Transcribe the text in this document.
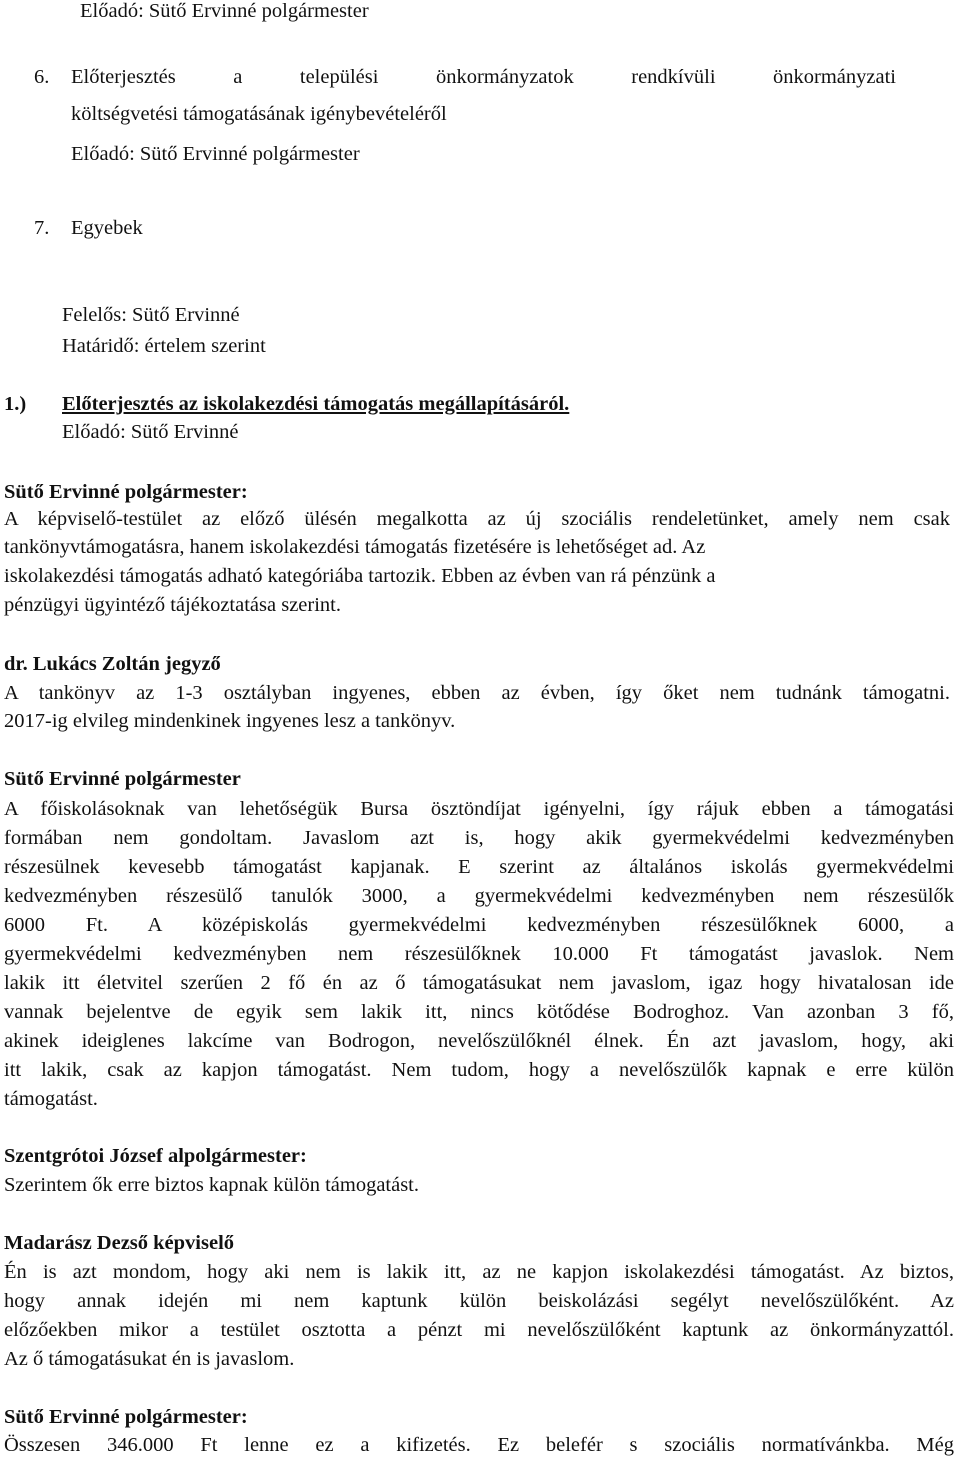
Előadó: Sütő Ervinné polgármester
6. Előterjesztés a települési önkormányzatok rendkívüli önkormányzati
költségvetési támogatásának igénybevételéről
Előadó: Sütő Ervinné polgármester
7. Egyebek
Felelős: Sütő Ervinné
Határidő: értelem szerint
1.) Előterjesztés az iskolakezdési támogatás megállapításáról.
Előadó: Sütő Ervinné
Sütő Ervinné polgármester:
A képviselő-testület az előző ülésén megalkotta az új szociális rendeletünket, amely nem csak
tankönyvtámogatásra, hanem iskolakezdési támogatás fizetésére is lehetőséget ad. Az
iskolakezdési támogatás adható kategóriába tartozik. Ebben az évben van rá pénzünk a
pénzügyi ügyintéző tájékoztatása szerint.
dr. Lukács Zoltán jegyző
A tankönyv az 1-3 osztályban ingyenes, ebben az évben, így őket nem tudnánk támogatni.
2017-ig elvileg mindenkinek ingyenes lesz a tankönyv.
Sütő Ervinné polgármester
A főiskolásoknak van lehetőségük Bursa ösztöndíjat igényelni, így rájuk ebben a támogatási
formában nem gondoltam. Javaslom azt is, hogy akik gyermekvédelmi kedvezményben
részesülnek kevesebb támogatást kapjanak. E szerint az általános iskolás gyermekvédelmi
kedvezményben részesülő tanulók 3000, a gyermekvédelmi kedvezményben nem részesülők
6000 Ft. A középiskolás gyermekvédelmi kedvezményben részesülőknek 6000, a
gyermekvédelmi kedvezményben nem részesülőknek 10.000 Ft támogatást javaslok. Nem
lakik itt életvitel szerűen 2 fő én az ő támogatásukat nem javaslom, igaz hogy hivatalosan ide
vannak bejelentve de egyik sem lakik itt, nincs kötődése Bodroghoz. Van azonban 3 fő,
akinek ideiglenes lakcíme van Bodrogon, nevelőszülőknél élnek. Én azt javaslom, hogy, aki
itt lakik, csak az kapjon támogatást. Nem tudom, hogy a nevelőszülők kapnak e erre külön
támogatást.
Szentgrótoi József alpolgármester:
Szerintem ők erre biztos kapnak külön támogatást.
Madarász Dezső képviselő
Én is azt mondom, hogy aki nem is lakik itt, az ne kapjon iskolakezdési támogatást. Az biztos,
hogy annak idején mi nem kaptunk külön beiskolázási segélyt nevelőszülőként. Az
előzőekben mikor a testület osztotta a pénzt mi nevelőszülőként kaptunk az önkormányzattól.
Az ő támogatásukat én is javaslom.
Sütő Ervinné polgármester:
Összesen 346.000 Ft lenne ez a kifizetés. Ez belefér s szociális normatívánkba. Még
